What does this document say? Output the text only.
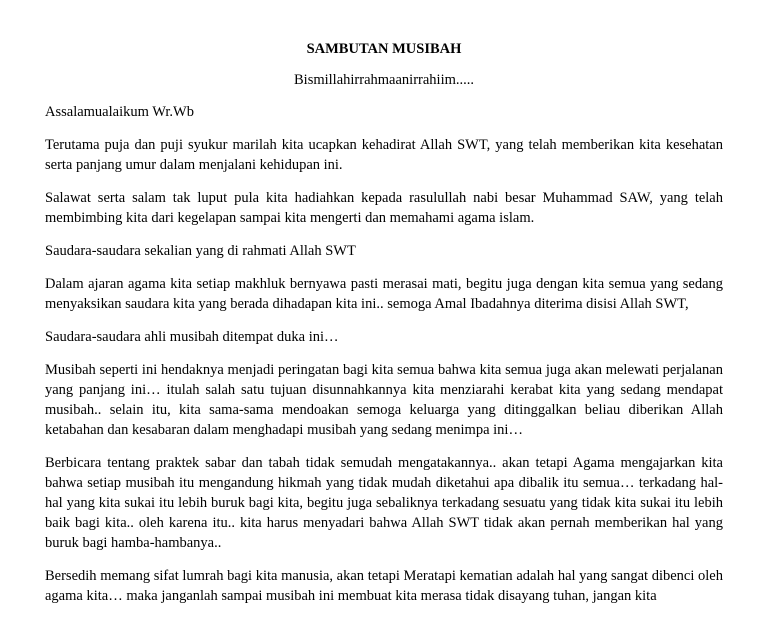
SAMBUTAN MUSIBAH
Bismillahirrahmaanirrahiim.....

Assalamualaikum Wr.Wb

Terutama puja dan puji syukur marilah kita ucapkan kehadirat Allah SWT, yang telah memberikan kita kesehatan serta panjang umur dalam menjalani kehidupan ini.

Salawat serta salam tak luput pula kita hadiahkan kepada rasulullah nabi besar Muhammad SAW, yang telah membimbing kita dari kegelapan sampai kita mengerti dan memahami agama islam.

Saudara-saudara sekalian yang di rahmati Allah SWT

Dalam ajaran agama kita setiap makhluk bernyawa pasti merasai mati, begitu juga dengan kita semua yang sedang menyaksikan saudara kita yang berada dihadapan kita ini.. semoga Amal Ibadahnya diterima disisi Allah SWT,

Saudara-saudara ahli musibah ditempat duka ini…

Musibah seperti ini hendaknya menjadi peringatan bagi kita semua bahwa kita semua juga akan melewati perjalanan yang panjang ini… itulah salah satu tujuan disunnahkannya kita menziarahi kerabat kita yang sedang mendapat musibah.. selain itu, kita sama-sama mendoakan semoga keluarga yang ditinggalkan beliau diberikan Allah ketabahan dan kesabaran dalam menghadapi musibah yang sedang menimpa ini…

Berbicara tentang praktek sabar dan tabah tidak semudah mengatakannya.. akan tetapi Agama mengajarkan kita bahwa setiap musibah itu mengandung hikmah yang tidak mudah diketahui apa dibalik itu semua… terkadang hal-hal yang kita sukai itu lebih buruk bagi kita, begitu juga sebaliknya terkadang sesuatu yang tidak kita sukai itu lebih baik bagi kita.. oleh karena itu.. kita harus menyadari bahwa Allah SWT tidak akan pernah memberikan hal yang buruk bagi hamba-hambanya..

Bersedih memang sifat lumrah bagi kita manusia, akan tetapi Meratapi kematian adalah hal yang sangat dibenci oleh agama kita… maka janganlah sampai musibah ini membuat kita merasa tidak disayang tuhan, jangan kita
